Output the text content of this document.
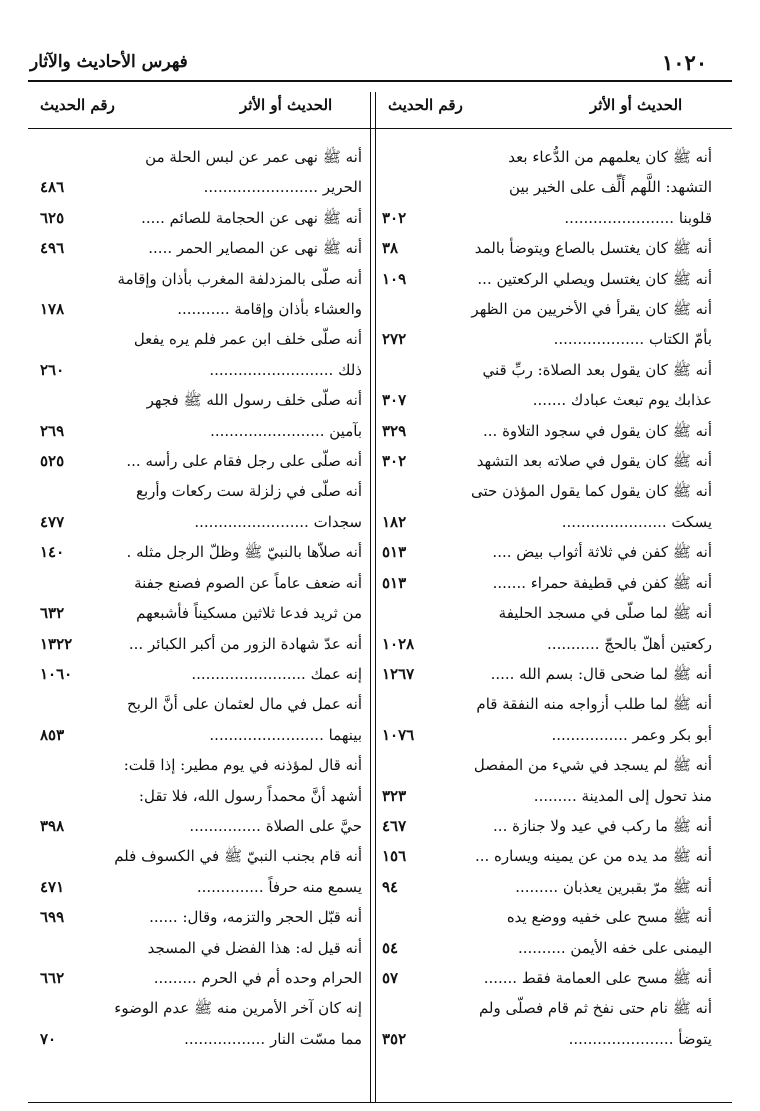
١٠٢٠
فهرس الأحاديث والآثار
الحديث أو الأثر
رقم الحديث
الحديث أو الأثر
رقم الحديث
أنه ﷺ كان يعلمهم من الدُّعاء بعد
التشهد: اللَّهم أَلِّف على الخير بين
قلوبنا .......................
٣٠٢
أنه ﷺ كان يغتسل بالصاع ويتوضأ بالمد
٣٨
أنه ﷺ كان يغتسل ويصلي الركعتين ...
١٠٩
أنه ﷺ كان يقرأ في الأخريين من الظهر
بأمّ الكتاب ...................
٢٧٢
أنه ﷺ كان يقول بعد الصلاة: ربِّ قني
عذابك يوم تبعث عبادك .......
٣٠٧
أنه ﷺ كان يقول في سجود التلاوة ...
٣٢٩
أنه ﷺ كان يقول في صلاته بعد التشهد
٣٠٢
أنه ﷺ كان يقول كما يقول المؤذن حتى
يسكت ......................
١٨٢
أنه ﷺ كفن في ثلاثة أثواب بيض ....
٥١٣
أنه ﷺ كفن في قطيفة حمراء .......
٥١٣
أنه ﷺ لما صلّى في مسجد الحليفة
ركعتين أهلّ بالحجّ ...........
١٠٢٨
أنه ﷺ لما ضحى قال: بسم الله .....
١٢٦٧
أنه ﷺ لما طلب أزواجه منه النفقة قام
أبو بكر وعمر ................
١٠٧٦
أنه ﷺ لم يسجد في شيء من المفصل
منذ تحول إلى المدينة .........
٣٢٣
أنه ﷺ ما ركب في عيد ولا جنازة ...
٤٦٧
أنه ﷺ مد يده من عن يمينه ويساره ...
١٥٦
أنه ﷺ مرّ بقبرين يعذبان .........
٩٤
أنه ﷺ مسح على خفيه ووضع يده
اليمنى على خفه الأيمن ..........
٥٤
أنه ﷺ مسح على العمامة فقط .......
٥٧
أنه ﷺ نام حتى نفخ ثم قام فصلّى ولم
يتوضأ ......................
٣٥٢
أنه ﷺ نهى عمر عن لبس الحلة من
الحرير ........................
٤٨٦
أنه ﷺ نهى عن الحجامة للصائم .....
٦٢٥
أنه ﷺ نهى عن المصاير الحمر .....
٤٩٦
أنه صلّى بالمزدلفة المغرب بأذان وإقامة
والعشاء بأذان وإقامة ...........
١٧٨
أنه صلّى خلف ابن عمر فلم يره يفعل
ذلك ..........................
٢٦٠
أنه صلّى خلف رسول الله ﷺ فجهر
بآمين ........................
٢٦٩
أنه صلّى على رجل فقام على رأسه ...
٥٢٥
أنه صلّى في زلزلة ست ركعات وأربع
سجدات ........................
٤٧٧
أنه صلاّها بالنبيّ ﷺ وظلّ الرجل مثله .
١٤٠
أنه ضعف عاماً عن الصوم فصنع جفنة
من ثريد فدعا ثلاثين مسكيناً فأشبعهم
٦٣٢
أنه عدّ شهادة الزور من أكبر الكبائر ...
١٣٢٢
إنه عمك ........................
١٠٦٠
أنه عمل في مال لعثمان على أنَّ الربح
بينهما ........................
٨٥٣
أنه قال لمؤذنه في يوم مطير: إذا قلت:
أشهد أنَّ محمداً رسول الله، فلا تقل:
حيَّ على الصلاة ...............
٣٩٨
أنه قام بجنب النبيّ ﷺ في الكسوف فلم
يسمع منه حرفاً ..............
٤٧١
أنه قبّل الحجر والتزمه، وقال: ......
٦٩٩
أنه قيل له: هذا الفضل في المسجد
الحرام وحده أم في الحرم .........
٦٦٢
إنه كان آخر الأمرين منه ﷺ عدم الوضوء
مما مسّت النار .................
٧٠
